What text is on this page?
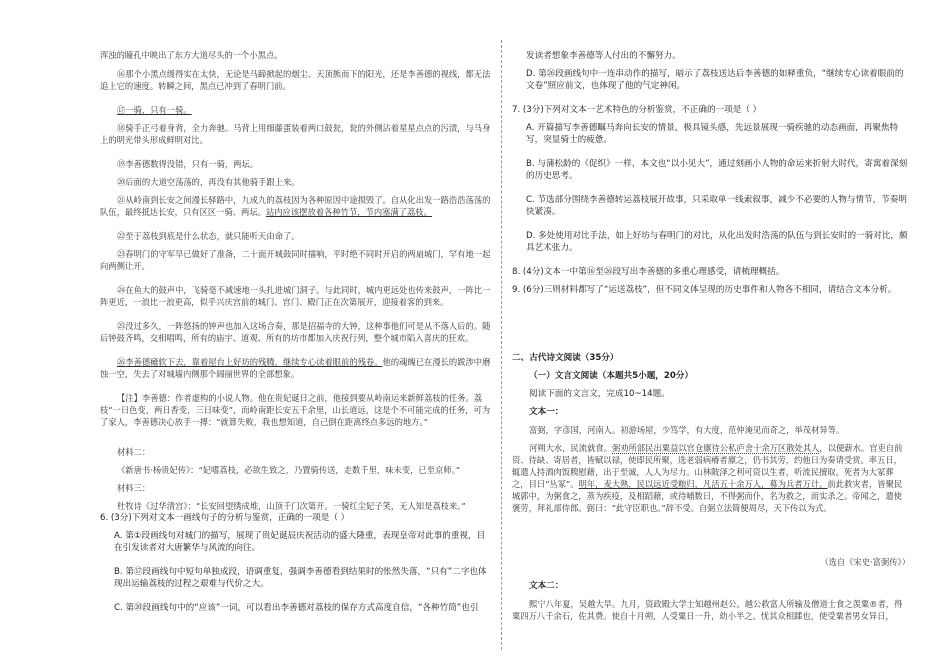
浑浊的瞳孔中映出了东方大道尽头的一个小黑点。
⑯那个小黑点缓得实在太快，无论是马蹄掀起的烟尘、天顶熊而下的阳光，还是李善德的视线，都无法追上它的速度。转瞬之间，黑点已冲到了春明门前。
⑰一骑，只有一骑。
⑱骑手正弓着身背，全力奔驰。马背上用细藤蛋装着两口鼓瓮，瓮的外侧沾着星星点点的污渍，与马身上的明光带头形成鲜明对比。
⑲李善德数得没错，只有一骑，两坛。
⑳后面的大道空荡荡的，再没有其他骑手跟上来。
㉑从岭南到长安之间漫长驿路中，九成九的荔枝因为各种原因中途损毁了。自从化出发一路浩浩荡荡的队伍，最终抵达长安，只有区区一骑、两坛。站内应该摆放着各种竹节，节内塞满了荔枝。
㉒至于荔枝到底是什么状态，就只能听天由命了。
㉓春明门的守军早已做好了准备，二十面开城鼓同时擂响，平时绝不同时开启的两扇城门，罕有地一起向两侧让开。
㉔在鱼大的鼓声中，飞骑毫不减速地一头扎进城门洞子。与此同时，城内更远处也传来鼓声，一阵比一阵更近，一浪比一浪更高，似乎兴庆宫前的城门、宫门、殿门正在次第展开，迎接着客的到来。
㉕没过多久，一阵悠扬的钟声也加入这场合奏，那是招福寺的大钟，这种事他们可是从不落人后的。随后钟鼓齐鸣，交相唱鸣，所有的庙宇、道观、所有的坊市都加入庆祝行列，整个城市陷入喜庆的狂欢。
㉖李善德瘫软下去，靠着屋台上好坊的残腾，继续专心读着眼前的残卷。他的魂魄已在漫长的跋涉中磨蚀一空，失去了对城墙内侧那个阔丽世界的全部想象。
【注】李善德：作者虚构的小说人物。他在贵妃诞日之前，他接到要从岭南运来新鲜荔枝的任务。荔枝“一日色变，两日香变，三日味变”，而岭南距长安五千余里，山长道远，这是个不可能完成的任务，可为了家人，李善德决心放手一搏：“就算失败，我也想知道，自己倒在距离终点多远的地方。”
材料二：
《新唐书·杨贵妃传》：“妃嗜荔枝，必欲生致之，乃置骑传送，走数千里，味未变，已至京师。”
材料三：
杜牧诗《过华清宫》：“长安回望绣成堆，山顶千门次第开。一骑红尘妃子笑，无人知是荔枝来。”
6. (3分)下列对文本一画线句子的分析与鉴赏，正确的一项是（ ）
A. 第①段画线句对城门的描写，展现了贵妃诞辰庆祝活动的盛大隆重，表现皇帝对此事的重视，目在引发读者对大唐繁华与风流的向往。
B. 第⑰段画线句中短句单独成段，语调重复，强调李善德看到结果时的怅然失落，“只有”二字也体现出运输荔枝的过程之艰难与代价之大。
C. 第⑳段画线句中的“应该”一词，可以看出李善德对荔枝的保存方式高度自信，“各种竹筒”也引
发读者想象李善德等人付出的不懈努力。
D. 第㉖段画线句中一连串动作的描写，暗示了荔枝送达后李善德的如释重负，“继续专心读着眼前的文卷”照应前文，也体现了他的气定神闲。
7. (3分)下列对文本一艺术特色的分析鉴赏，不正确的一项是（ ）
A. 开篇描写李善德瞩马奔向长安的情景，极具镜头感，先远景展现一骑疾驰的动态画面，再聚焦特写，突显骑士的疲惫。
B. 与蒲松龄的《促织》一样，本文也“以小见大”，通过刻画小人物的命运来折射大时代，寄寓着深刻的历史思考。
C. 节选部分围绕李善德转运荔枝展开故事，只采取单一线索叙事，减少不必要的人物与情节，节奏明快紧凑。
D. 多处使用对比手法，如上好坊与春明门的对比，从化出发时浩荡的队伍与到长安时的一骑对比，颇具艺术张力。
8. (4分)文本一中第⑯至㉖段写出李善德的多重心理感受，请梳理概括。
9. (6分)三则材料都写了“运送荔枝”，但不同文体呈现的历史事件和人物各不相同，请结合文本分析。
二、古代诗文阅读（35分）
（一）文言文阅读（本题共5小题，20分）
阅读下面的文言文，完成10~14题。
文本一：
富弼，字彦国，河南人。初游场屋，少笃学，有大度，范仲淹见而奇之，举茂材异等。
河朔大水，民流就食。弼劝所部民出粟益以官仓廪待公私庐舍十余万区散处其人，以便薪水。官吏自前资、待缺、寄居者，皆赋以禄，使即民所聚，选老弱病瘠者廪之，仍书其劳，约他日为奏请受赏。率五日，辄遣人持酒肉饭糗慰藉，出于至诚，人人为尽力。山林陂泽之利可资以生者，听流民擅取。死者为大冢葬之，目曰“丛冢”。明年，麦大熟，民以远近受粮归，凡活五十余万人，募为兵者万计。前此救灾者，皆聚民城郭中，为粥食之，蒸为疾疫，及相蹈藉，或待哺数日，不得粥而仆，名为救之，而实杀之。帝闻之，遣使褒劳，拜礼部侍郎。弼曰：“此守臣职也。”辞不受。自弼立法简便周尽，天下传以为式。
（选自《宋史·富弼传》）
文本二：
熙宁八年夏，吴越大旱。九月，资政殿大学士知越州赵公。越公救富人所输及僧道士食之羡粟®者，得粟四万八千余石，佐其费。使自十月朔，人受粟日一升，幼小半之。忧其众相蹂也，使受粟者男女异日，
